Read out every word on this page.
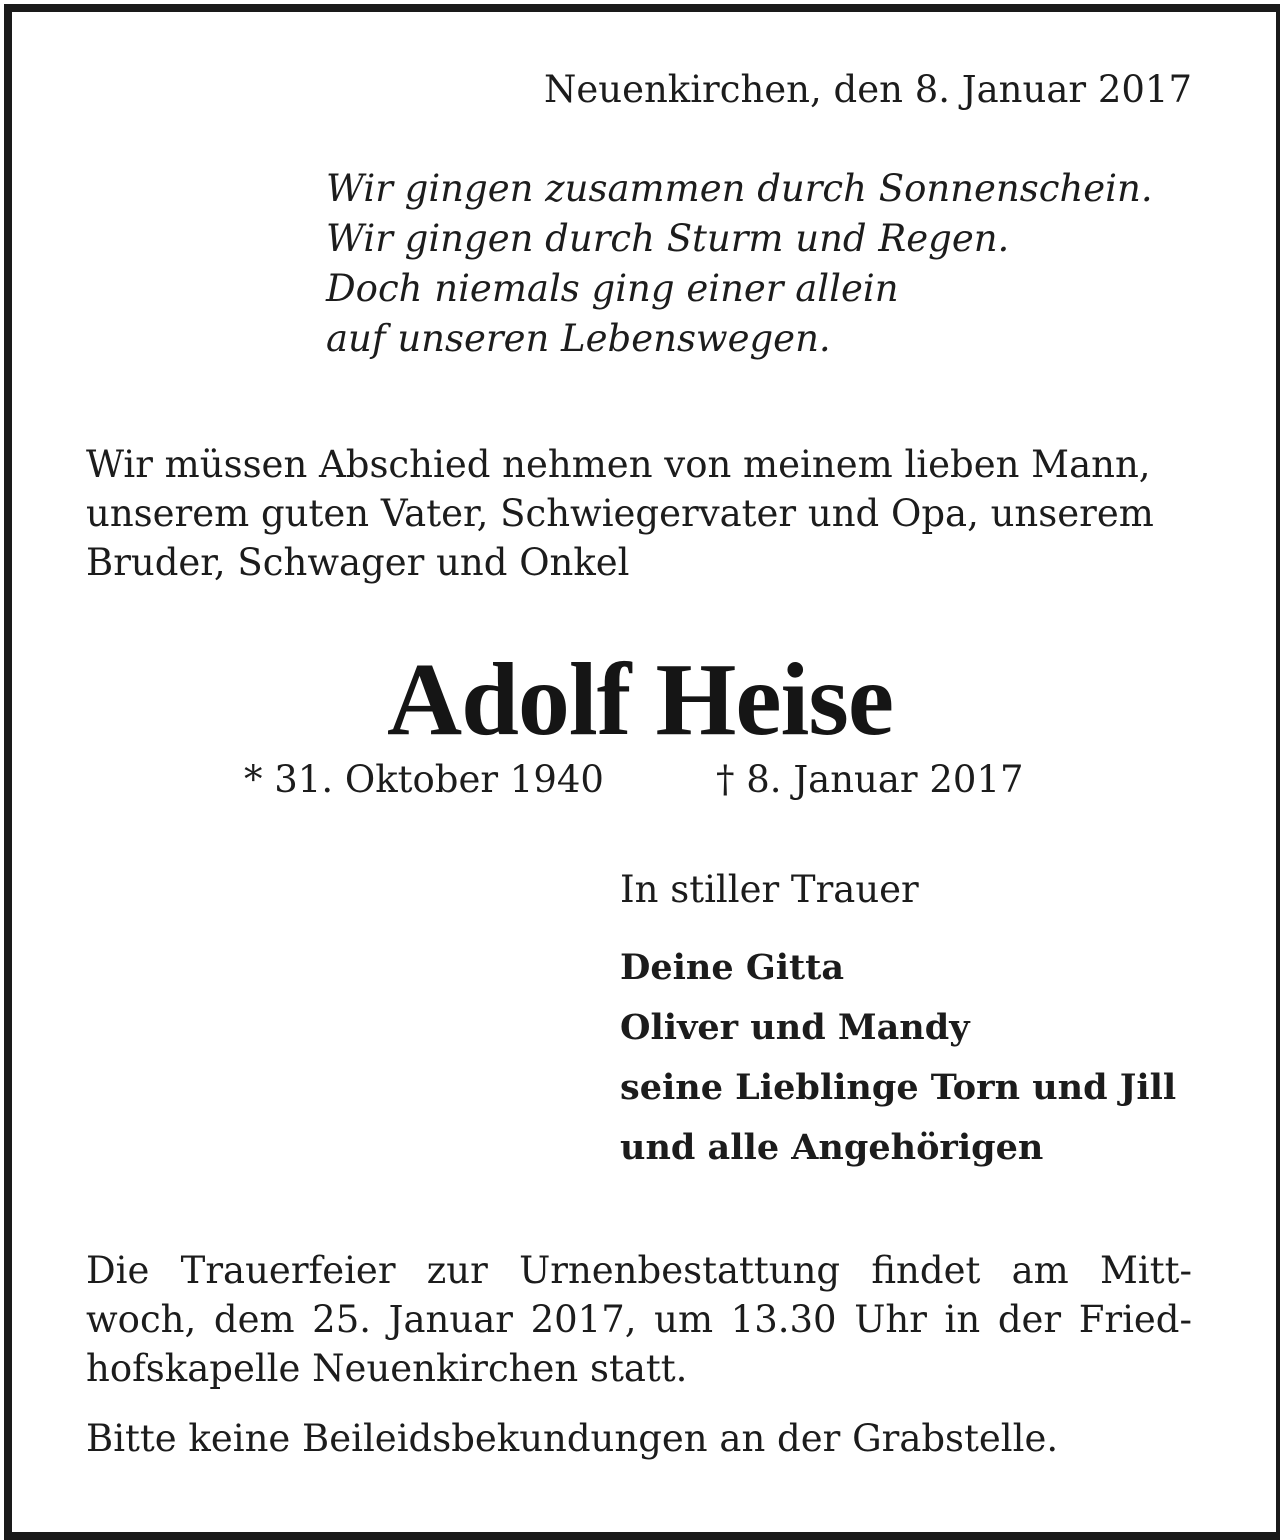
Neuenkirchen, den 8. Januar 2017
Wir gingen zusammen durch Sonnenschein.
Wir gingen durch Sturm und Regen.
Doch niemals ging einer allein
auf unseren Lebenswegen.
Wir müssen Abschied nehmen von meinem lieben Mann,
unserem guten Vater, Schwiegervater und Opa, unserem
Bruder, Schwager und Onkel
Adolf Heise
* 31. Oktober 1940	† 8. Januar 2017
In stiller Trauer
Deine Gitta
Oliver und Mandy
seine Lieblinge Torn und Jill
und alle Angehörigen
Die Trauerfeier zur Urnenbestattung findet am Mitt-
woch, dem 25. Januar 2017, um 13.30 Uhr in der Fried-
hofskapelle Neuenkirchen statt.
Bitte keine Beileidsbekundungen an der Grabstelle.
